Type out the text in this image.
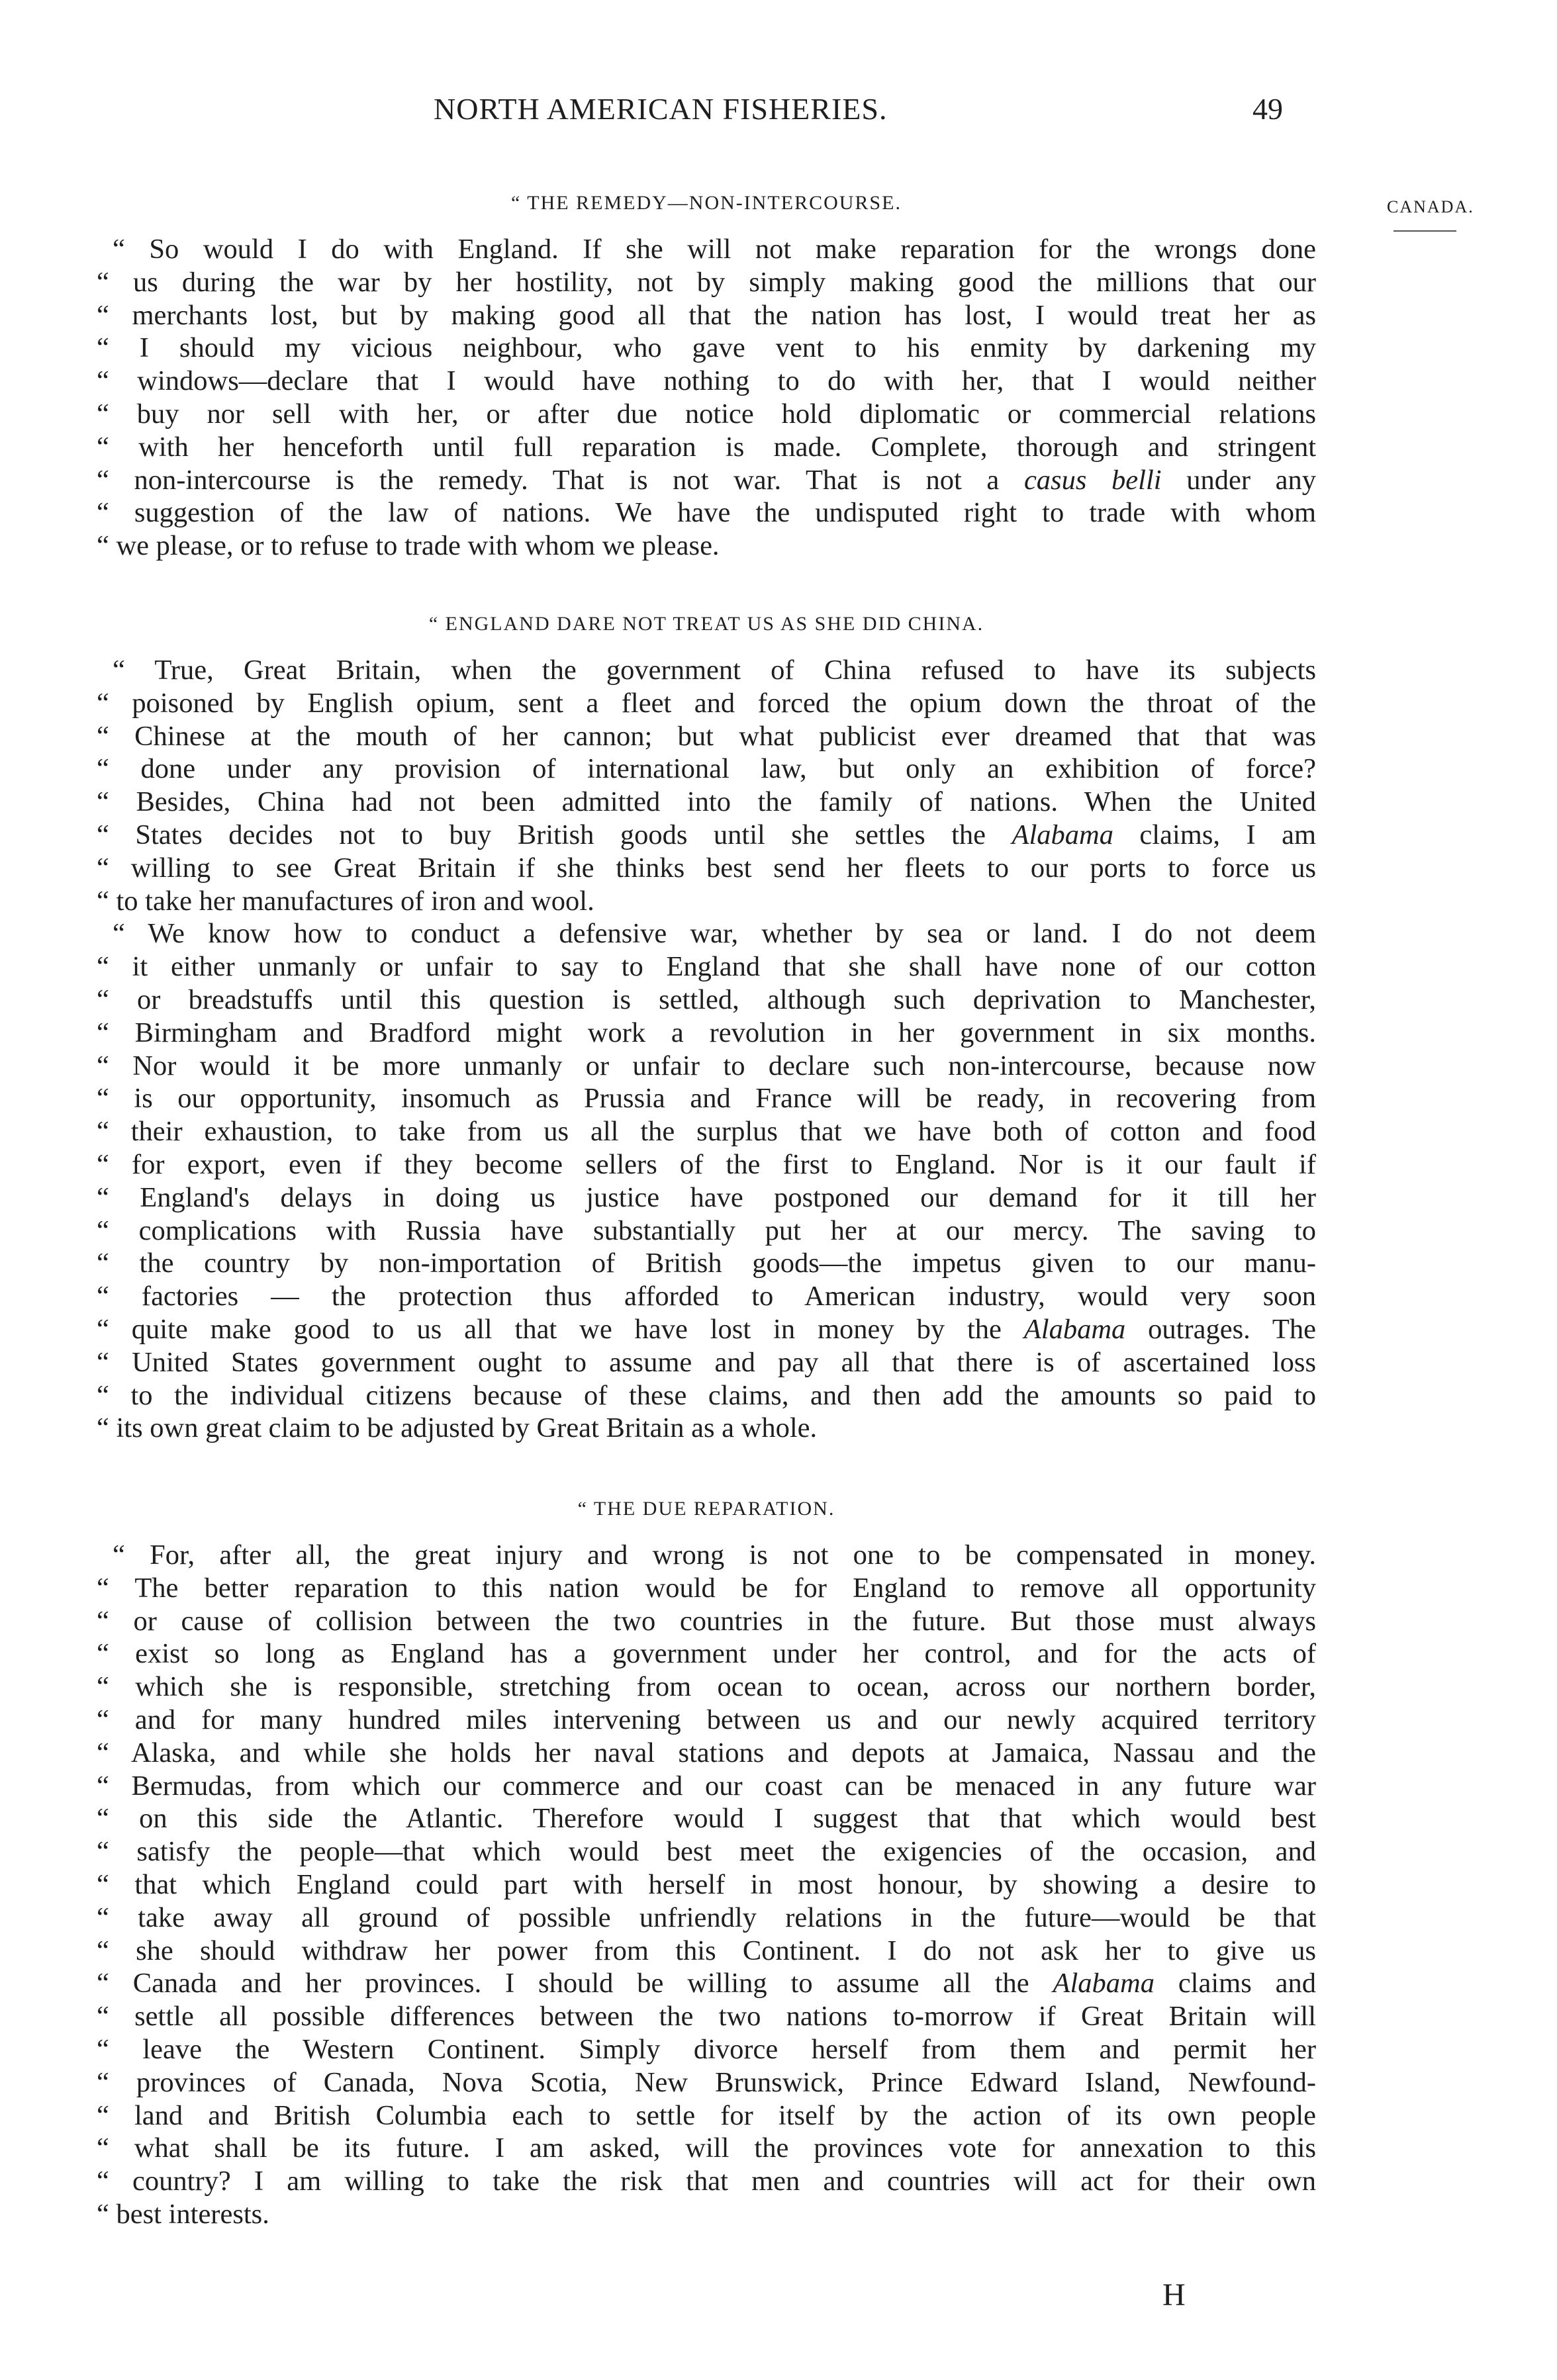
NORTH AMERICAN FISHERIES.	49
CANADA.
“ THE REMEDY—NON-INTERCOURSE.
“ So would I do with England. If she will not make reparation for the wrongs done
“ us during the war by her hostility, not by simply making good the millions that our
“ merchants lost, but by making good all that the nation has lost, I would treat her as
“ I should my vicious neighbour, who gave vent to his enmity by darkening my
“ windows—declare that I would have nothing to do with her, that I would neither
“ buy nor sell with her, or after due notice hold diplomatic or commercial relations
“ with her henceforth until full reparation is made. Complete, thorough and stringent
“ non-intercourse is the remedy. That is not war. That is not a casus belli under any
“ suggestion of the law of nations. We have the undisputed right to trade with whom
“ we please, or to refuse to trade with whom we please.
“ ENGLAND DARE NOT TREAT US AS SHE DID CHINA.
“ True, Great Britain, when the government of China refused to have its subjects
“ poisoned by English opium, sent a fleet and forced the opium down the throat of the
“ Chinese at the mouth of her cannon; but what publicist ever dreamed that that was
“ done under any provision of international law, but only an exhibition of force?
“ Besides, China had not been admitted into the family of nations. When the United
“ States decides not to buy British goods until she settles the Alabama claims, I am
“ willing to see Great Britain if she thinks best send her fleets to our ports to force us
“ to take her manufactures of iron and wool.
“ We know how to conduct a defensive war, whether by sea or land. I do not deem
“ it either unmanly or unfair to say to England that she shall have none of our cotton
“ or breadstuffs until this question is settled, although such deprivation to Manchester,
“ Birmingham and Bradford might work a revolution in her government in six months.
“ Nor would it be more unmanly or unfair to declare such non-intercourse, because now
“ is our opportunity, insomuch as Prussia and France will be ready, in recovering from
“ their exhaustion, to take from us all the surplus that we have both of cotton and food
“ for export, even if they become sellers of the first to England. Nor is it our fault if
“ England's delays in doing us justice have postponed our demand for it till her
“ complications with Russia have substantially put her at our mercy. The saving to
“ the country by non-importation of British goods—the impetus given to our manu-
“ factories — the protection thus afforded to American industry, would very soon
“ quite make good to us all that we have lost in money by the Alabama outrages. The
“ United States government ought to assume and pay all that there is of ascertained loss
“ to the individual citizens because of these claims, and then add the amounts so paid to
“ its own great claim to be adjusted by Great Britain as a whole.
“ THE DUE REPARATION.
“ For, after all, the great injury and wrong is not one to be compensated in money.
“ The better reparation to this nation would be for England to remove all opportunity
“ or cause of collision between the two countries in the future. But those must always
“ exist so long as England has a government under her control, and for the acts of
“ which she is responsible, stretching from ocean to ocean, across our northern border,
“ and for many hundred miles intervening between us and our newly acquired territory
“ Alaska, and while she holds her naval stations and depots at Jamaica, Nassau and the
“ Bermudas, from which our commerce and our coast can be menaced in any future war
“ on this side the Atlantic. Therefore would I suggest that that which would best
“ satisfy the people—that which would best meet the exigencies of the occasion, and
“ that which England could part with herself in most honour, by showing a desire to
“ take away all ground of possible unfriendly relations in the future—would be that
“ she should withdraw her power from this Continent. I do not ask her to give us
“ Canada and her provinces. I should be willing to assume all the Alabama claims and
“ settle all possible differences between the two nations to-morrow if Great Britain will
“ leave the Western Continent. Simply divorce herself from them and permit her
“ provinces of Canada, Nova Scotia, New Brunswick, Prince Edward Island, Newfound-
“ land and British Columbia each to settle for itself by the action of its own people
“ what shall be its future. I am asked, will the provinces vote for annexation to this
“ country? I am willing to take the risk that men and countries will act for their own
“ best interests.
H
